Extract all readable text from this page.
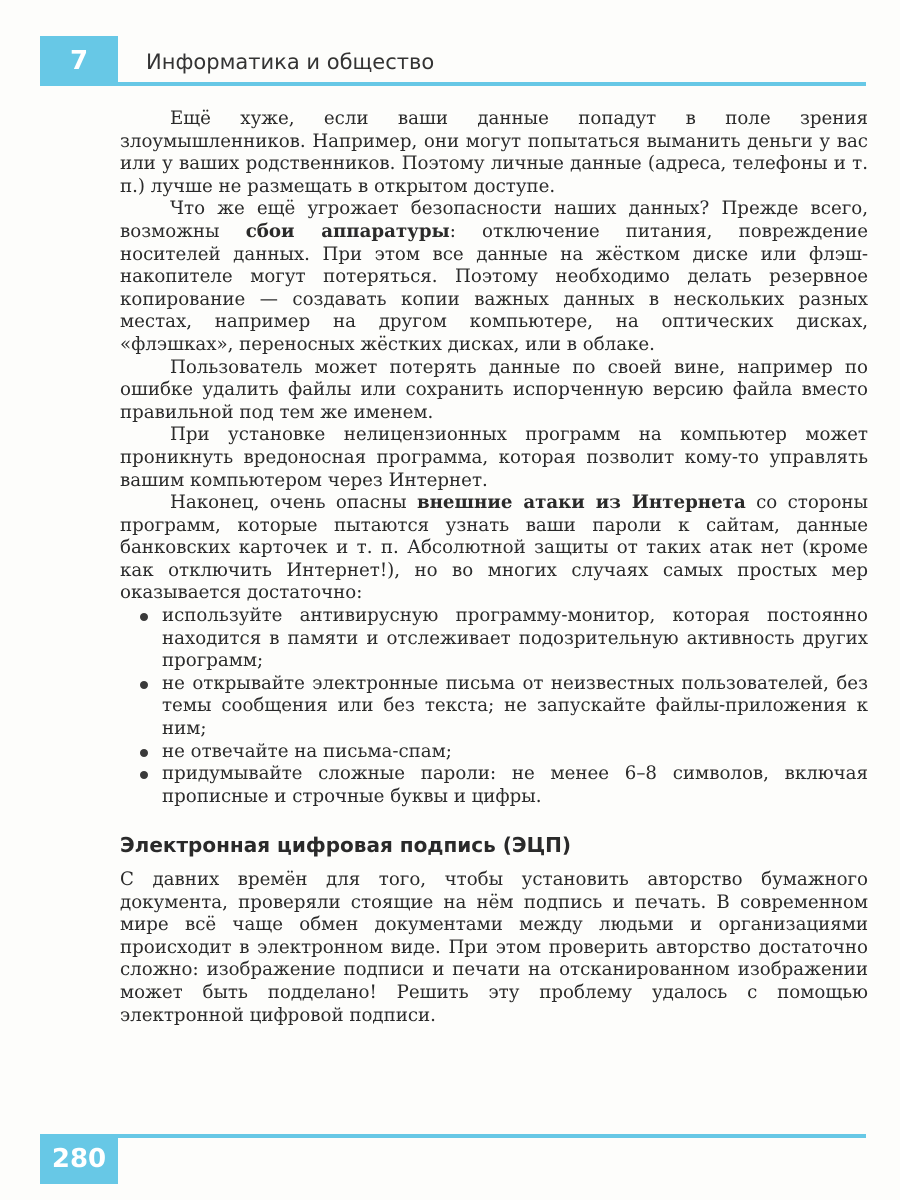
7	Информатика и общество

Ещё хуже, если ваши данные попадут в поле зрения злоумышленников. Например, они могут попытаться выманить деньги у вас или у ваших родственников. Поэтому личные данные (адреса, телефоны и т. п.) лучше не размещать в открытом доступе.

Что же ещё угрожает безопасности наших данных? Прежде всего, возможны сбои аппаратуры: отключение питания, повреждение носителей данных. При этом все данные на жёстком диске или флэш-накопителе могут потеряться. Поэтому необходимо делать резервное копирование — создавать копии важных данных в нескольких разных местах, например на другом компьютере, на оптических дисках, «флэшках», переносных жёстких дисках, или в облаке.

Пользователь может потерять данные по своей вине, например по ошибке удалить файлы или сохранить испорченную версию файла вместо правильной под тем же именем.

При установке нелицензионных программ на компьютер может проникнуть вредоносная программа, которая позволит кому-то управлять вашим компьютером через Интернет.

Наконец, очень опасны внешние атаки из Интернета со стороны программ, которые пытаются узнать ваши пароли к сайтам, данные банковских карточек и т. п. Абсолютной защиты от таких атак нет (кроме как отключить Интернет!), но во многих случаях самых простых мер оказывается достаточно:

используйте антивирусную программу-монитор, которая постоянно находится в памяти и отслеживает подозрительную активность других программ;
не открывайте электронные письма от неизвестных пользователей, без темы сообщения или без текста; не запускайте файлы-приложения к ним;
не отвечайте на письма-спам;
придумывайте сложные пароли: не менее 6–8 символов, включая прописные и строчные буквы и цифры.
Электронная цифровая подпись (ЭЦП)

С давних времён для того, чтобы установить авторство бумажного документа, проверяли стоящие на нём подпись и печать. В современном мире всё чаще обмен документами между людьми и организациями происходит в электронном виде. При этом проверить авторство достаточно сложно: изображение подписи и печати на отсканированном изображении может быть подделано! Решить эту проблему удалось с помощью электронной цифровой подписи.

280
